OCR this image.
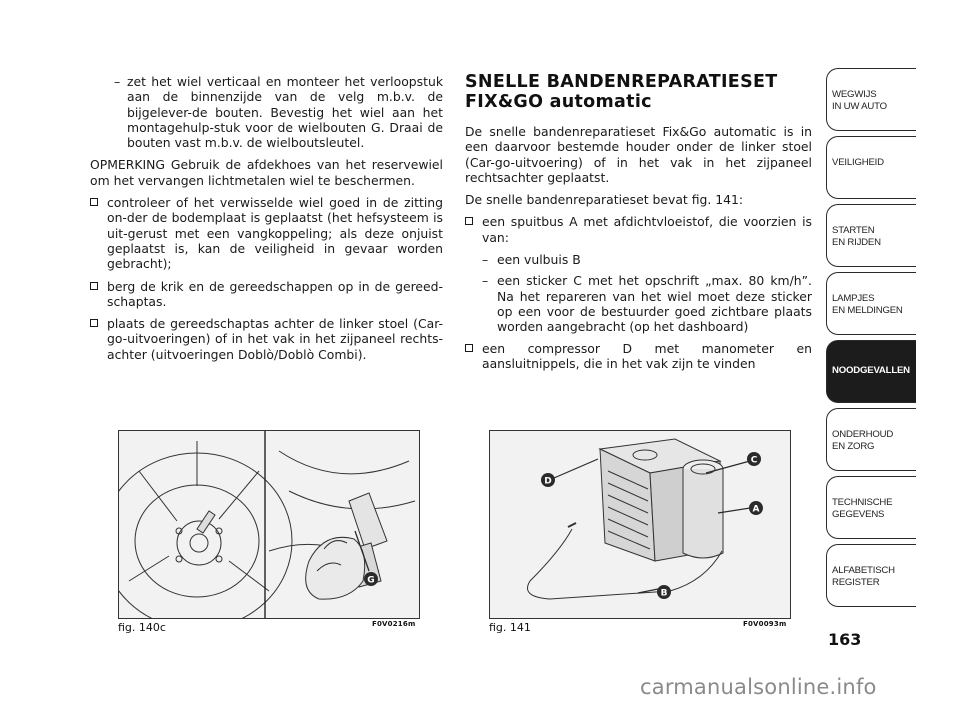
– zet het wiel verticaal en monteer het verloopstuk aan de binnenzijde van de velg m.b.v. de bijgelever-de bouten. Bevestig het wiel aan het montagehulp-stuk voor de wielbouten G. Draai de bouten vast m.b.v. de wielboutsleutel.

OPMERKING Gebruik de afdekhoes van het reservewiel om het vervangen lichtmetalen wiel te beschermen.

controleer of het verwisselde wiel goed in de zitting on-der de bodemplaat is geplaatst (het hefsysteem is uit-gerust met een vangkoppeling; als deze onjuist geplaatst is, kan de veiligheid in gevaar worden gebracht);

berg de krik en de gereedschappen op in de gereed-schaptas.

plaats de gereedschaptas achter de linker stoel (Car-go-uitvoeringen) of in het vak in het zijpaneel rechts-achter (uitvoeringen Doblò/Doblò Combi).

SNELLE BANDENREPARATIESET
FIX&GO automatic

De snelle bandenreparatieset Fix&Go automatic is in een daarvoor bestemde houder onder de linker stoel (Car-go-uitvoering) of in het vak in het zijpaneel rechtsachter geplaatst.

De snelle bandenreparatieset bevat fig. 141:

een spuitbus A met afdichtvloeistof, die voorzien is van:

– een vulbuis B

– een sticker C met het opschrift „max. 80 km/h”. Na het repareren van het wiel moet deze sticker op een voor de bestuurder goed zichtbare plaats worden aangebracht (op het dashboard)

een compressor D met manometer en aansluitnippels, die in het vak zijn te vinden

G
fig. 140c	F0V0216m
D
C
A
B
fig. 141	F0V0093m
WEGWIJS
IN UW AUTO
VEILIGHEID
STARTEN
EN RIJDEN
LAMPJES
EN MELDINGEN
NOODGEVALLEN
ONDERHOUD
EN ZORG
TECHNISCHE
GEGEVENS
ALFABETISCH
REGISTER
163
carmanualsonline.info
